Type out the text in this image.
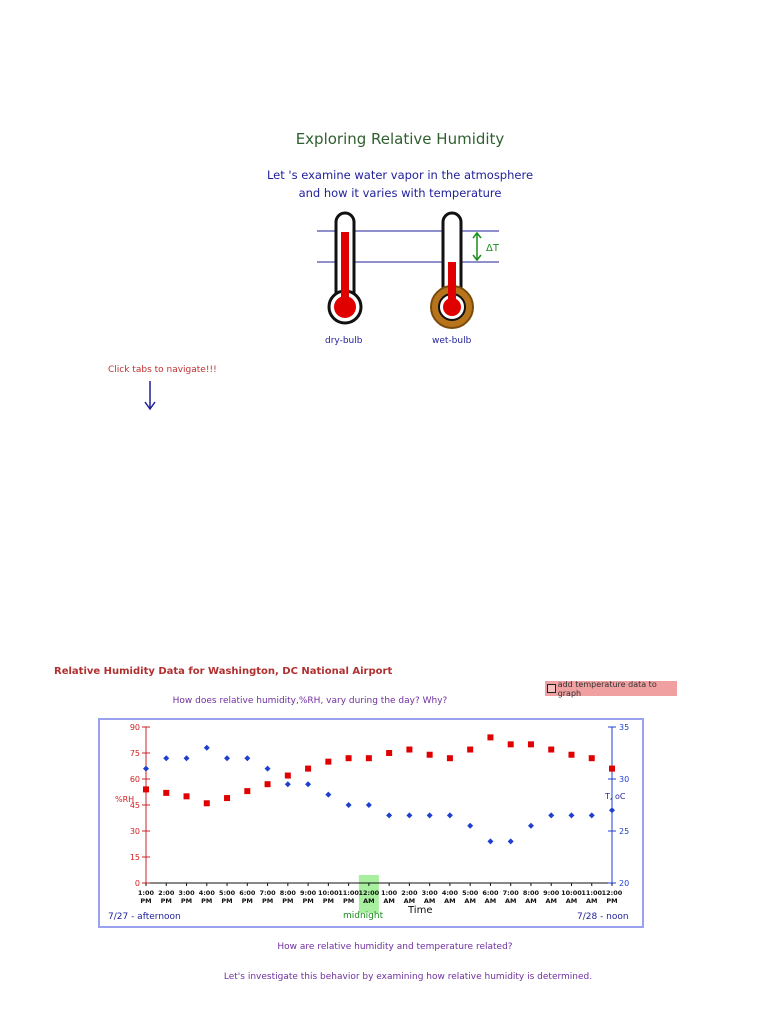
Exploring Relative Humidity
Let 's examine water vapor in the atmosphere
and how it varies with temperature
ΔT
dry-bulb	wet-bulb
Click tabs to navigate!!!
Relative Humidity Data for Washington, DC National Airport
add temperature data to graph
How does relative humidity,%RH, vary during the day? Why?
0
15
30
45
60
75
90
20
25
30
35
1:00
PM
2:00
PM
3:00
PM
4:00
PM
5:00
PM
6:00
PM
7:00
PM
8:00
PM
9:00
PM
10:00
PM
11:00
PM
12:00
AM
1:00
AM
2:00
AM
3:00
AM
4:00
AM
5:00
AM
6:00
AM
7:00
AM
8:00
AM
9:00
AM
10:00
AM
11:00
AM
12:00
PM
%RH	T, oC
Time
7/27 - afternoon	midnight	7/28 - noon
How are relative humidity and temperature related?
Let's investigate this behavior by examining how relative humidity is determined.
